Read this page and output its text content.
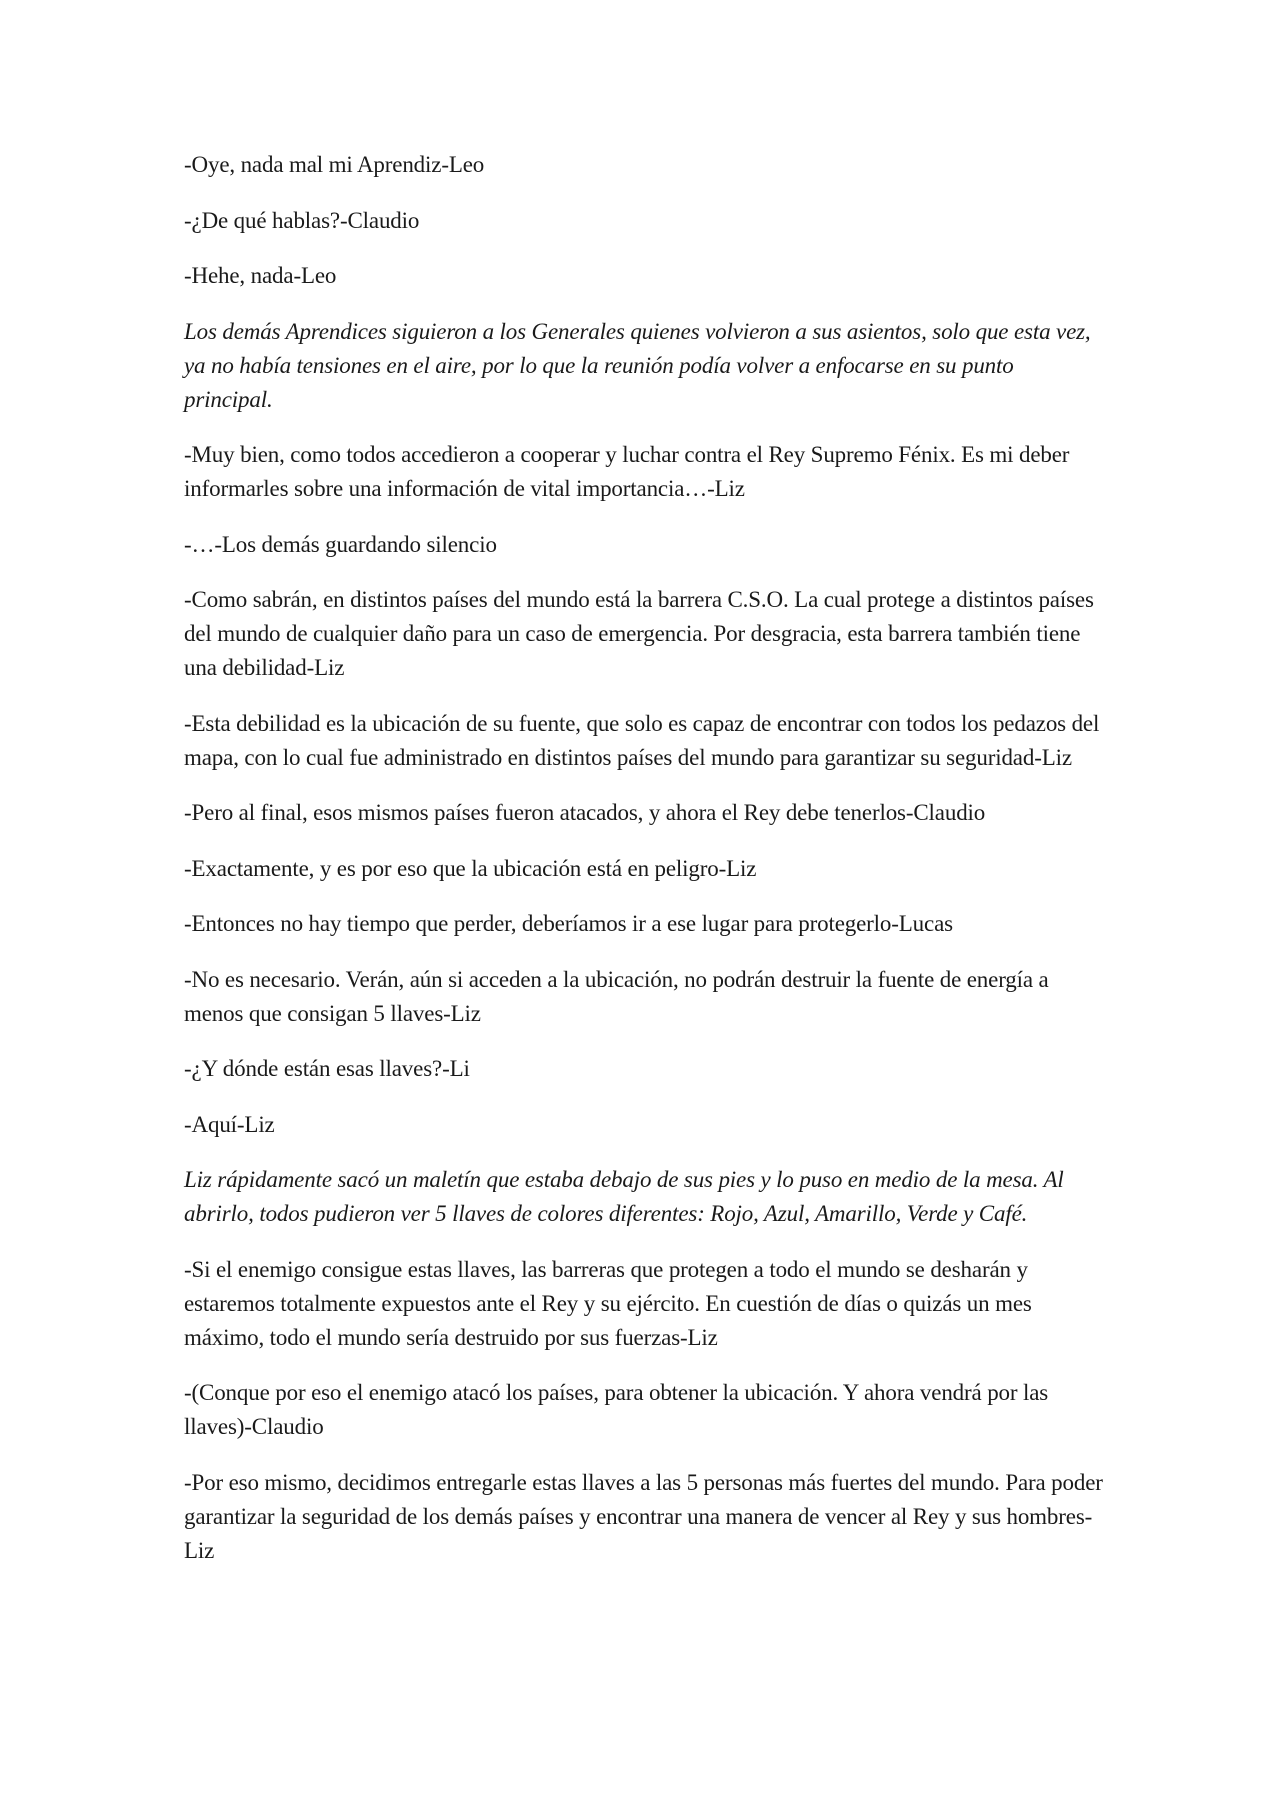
-Oye, nada mal mi Aprendiz-Leo

-¿De qué hablas?-Claudio

-Hehe, nada-Leo

Los demás Aprendices siguieron a los Generales quienes volvieron a sus asientos, solo que esta vez, ya no había tensiones en el aire, por lo que la reunión podía volver a enfocarse en su punto principal.

-Muy bien, como todos accedieron a cooperar y luchar contra el Rey Supremo Fénix. Es mi deber informarles sobre una información de vital importancia…-Liz

-…-Los demás guardando silencio

-Como sabrán, en distintos países del mundo está la barrera C.S.O. La cual protege a distintos países del mundo de cualquier daño para un caso de emergencia. Por desgracia, esta barrera también tiene una debilidad-Liz

-Esta debilidad es la ubicación de su fuente, que solo es capaz de encontrar con todos los pedazos del mapa, con lo cual fue administrado en distintos países del mundo para garantizar su seguridad-Liz

-Pero al final, esos mismos países fueron atacados, y ahora el Rey debe tenerlos-Claudio

-Exactamente, y es por eso que la ubicación está en peligro-Liz

-Entonces no hay tiempo que perder, deberíamos ir a ese lugar para protegerlo-Lucas

-No es necesario. Verán, aún si acceden a la ubicación, no podrán destruir la fuente de energía a menos que consigan 5 llaves-Liz

-¿Y dónde están esas llaves?-Li

-Aquí-Liz

Liz rápidamente sacó un maletín que estaba debajo de sus pies y lo puso en medio de la mesa. Al abrirlo, todos pudieron ver 5 llaves de colores diferentes: Rojo, Azul, Amarillo, Verde y Café.

-Si el enemigo consigue estas llaves, las barreras que protegen a todo el mundo se desharán y estaremos totalmente expuestos ante el Rey y su ejército. En cuestión de días o quizás un mes máximo, todo el mundo sería destruido por sus fuerzas-Liz

-(Conque por eso el enemigo atacó los países, para obtener la ubicación. Y ahora vendrá por las llaves)-Claudio

-Por eso mismo, decidimos entregarle estas llaves a las 5 personas más fuertes del mundo. Para poder garantizar la seguridad de los demás países y encontrar una manera de vencer al Rey y sus hombres-Liz
